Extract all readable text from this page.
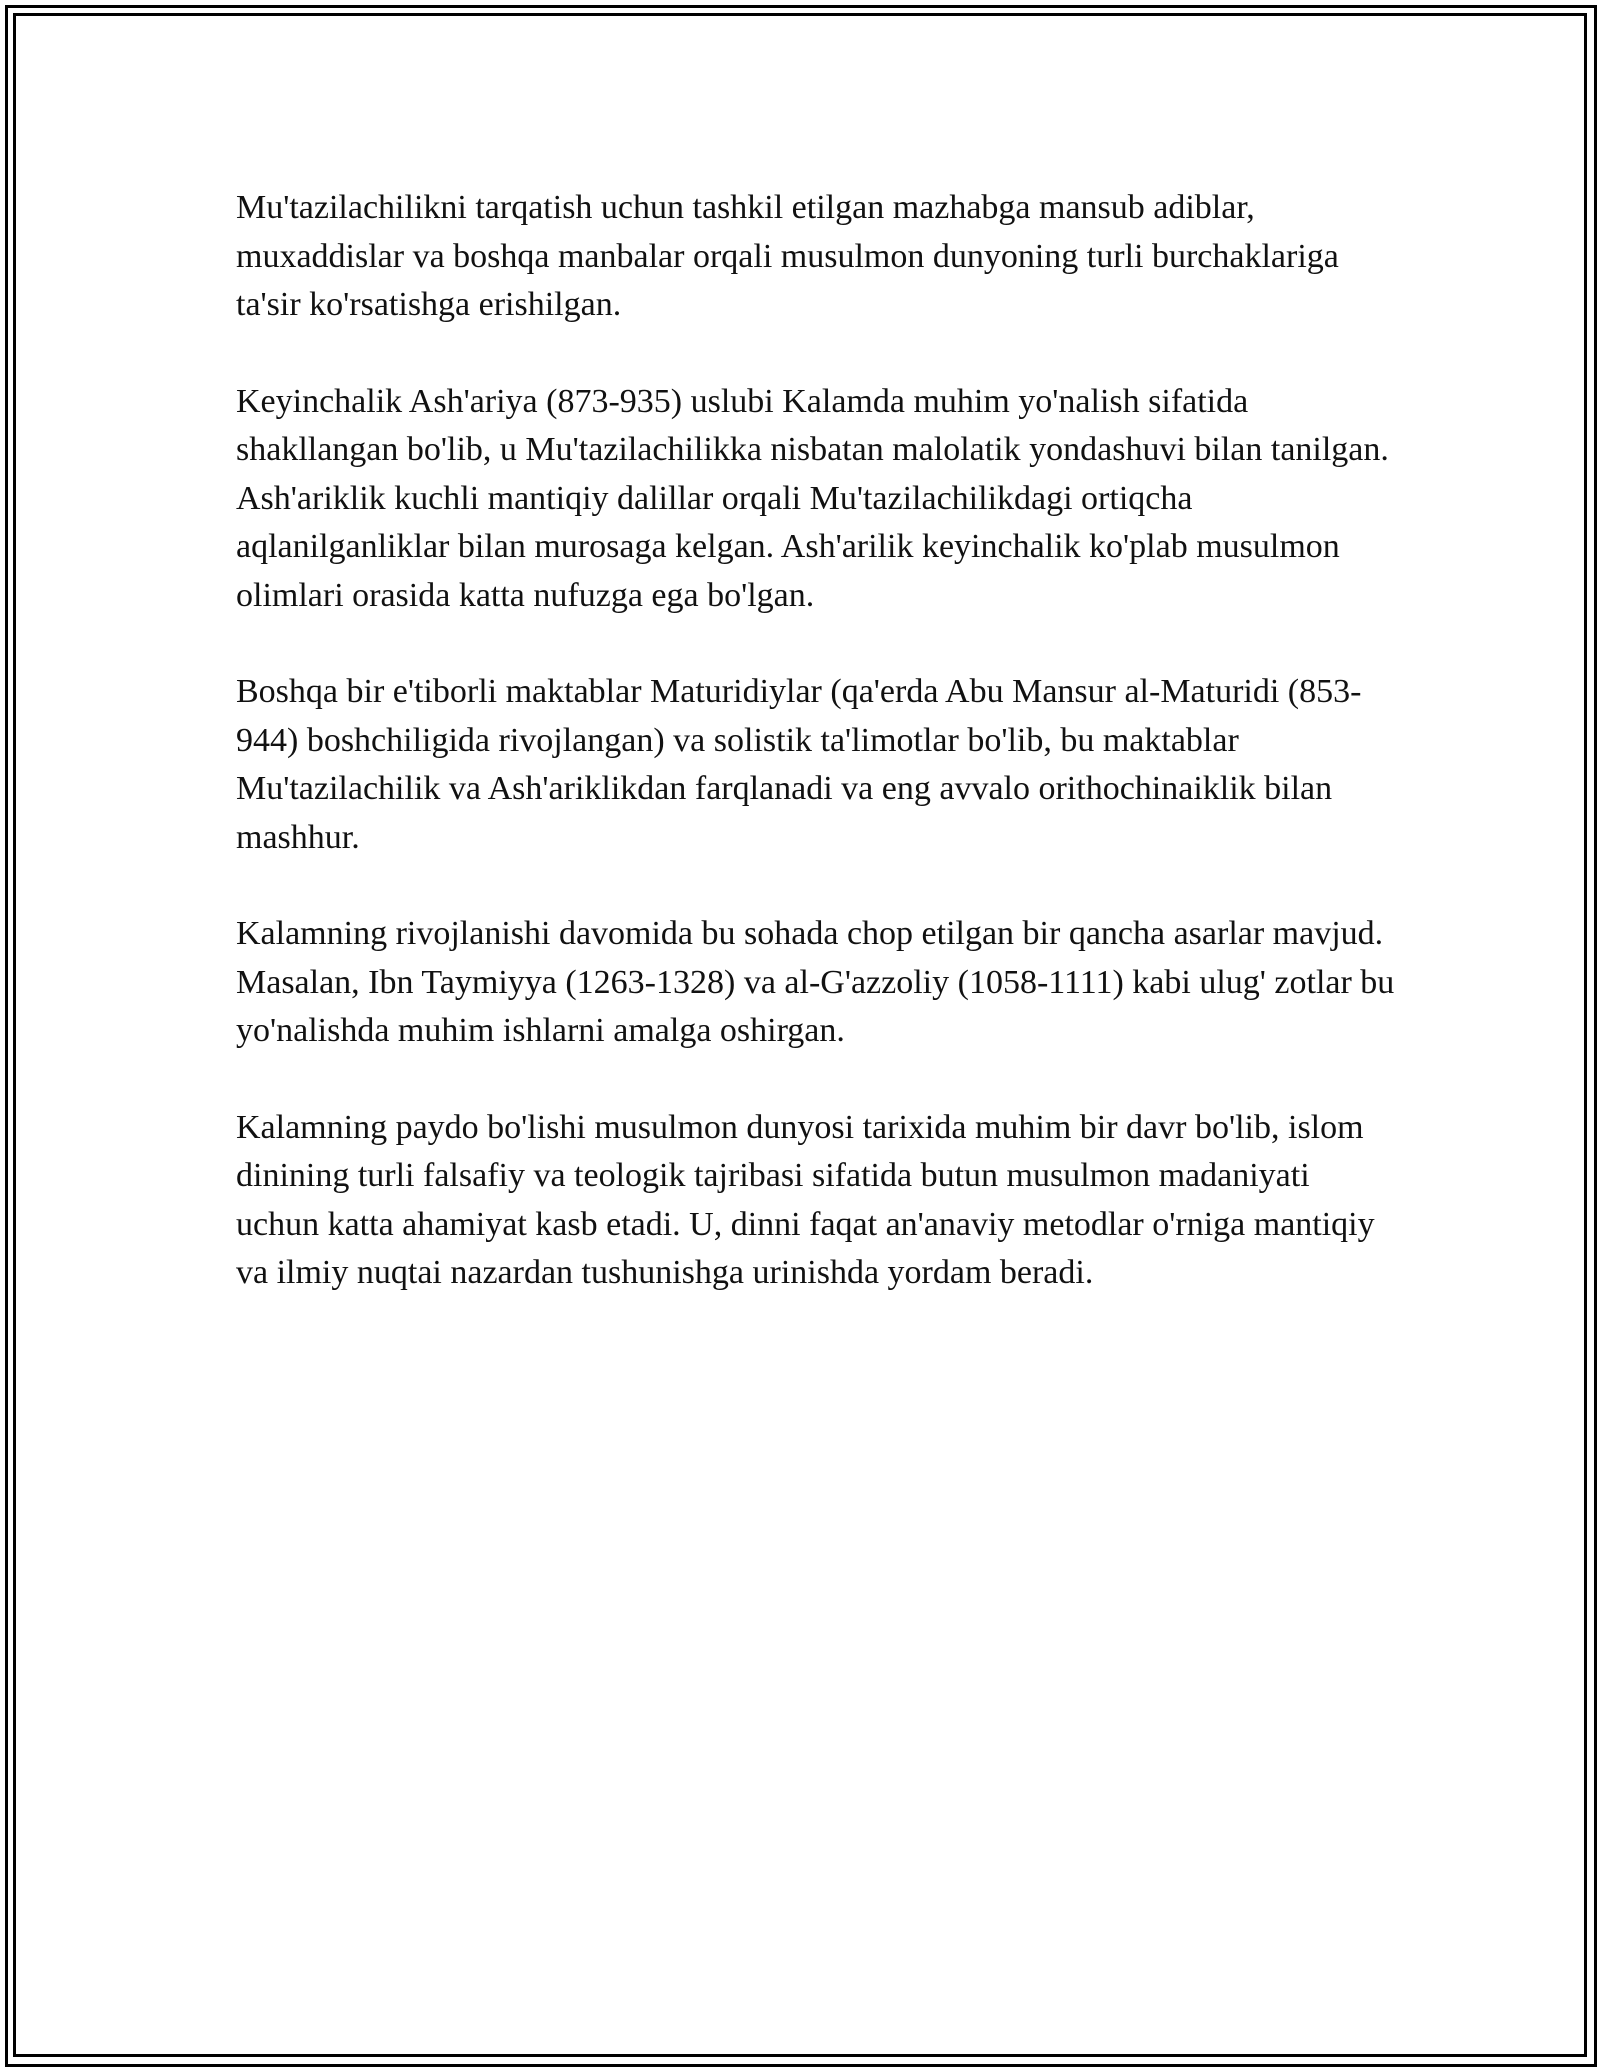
Mu'tazilachilikni tarqatish uchun tashkil etilgan mazhabga mansub adiblar, muxaddislar va boshqa manbalar orqali musulmon dunyoning turli burchaklariga ta'sir ko'rsatishga erishilgan.

Keyinchalik Ash'ariya (873-935) uslubi Kalamda muhim yo'nalish sifatida shakllangan bo'lib, u Mu'tazilachilikka nisbatan malolatik yondashuvi bilan tanilgan. Ash'ariklik kuchli mantiqiy dalillar orqali Mu'tazilachilikdagi ortiqcha aqlanilganliklar bilan murosaga kelgan. Ash'arilik keyinchalik ko'plab musulmon olimlari orasida katta nufuzga ega bo'lgan.

Boshqa bir e'tiborli maktablar Maturidiylar (qa'erda Abu Mansur al-Maturidi (853-944) boshchiligida rivojlangan) va solistik ta'limotlar bo'lib, bu maktablar Mu'tazilachilik va Ash'ariklikdan farqlanadi va eng avvalo orithochinaiklik bilan mashhur.

Kalamning rivojlanishi davomida bu sohada chop etilgan bir qancha asarlar mavjud. Masalan, Ibn Taymiyya (1263-1328) va al-G'azzoliy (1058-1111) kabi ulug' zotlar bu yo'nalishda muhim ishlarni amalga oshirgan.

Kalamning paydo bo'lishi musulmon dunyosi tarixida muhim bir davr bo'lib, islom dinining turli falsafiy va teologik tajribasi sifatida butun musulmon madaniyati uchun katta ahamiyat kasb etadi. U, dinni faqat an'anaviy metodlar o'rniga mantiqiy va ilmiy nuqtai nazardan tushunishga urinishda yordam beradi.
